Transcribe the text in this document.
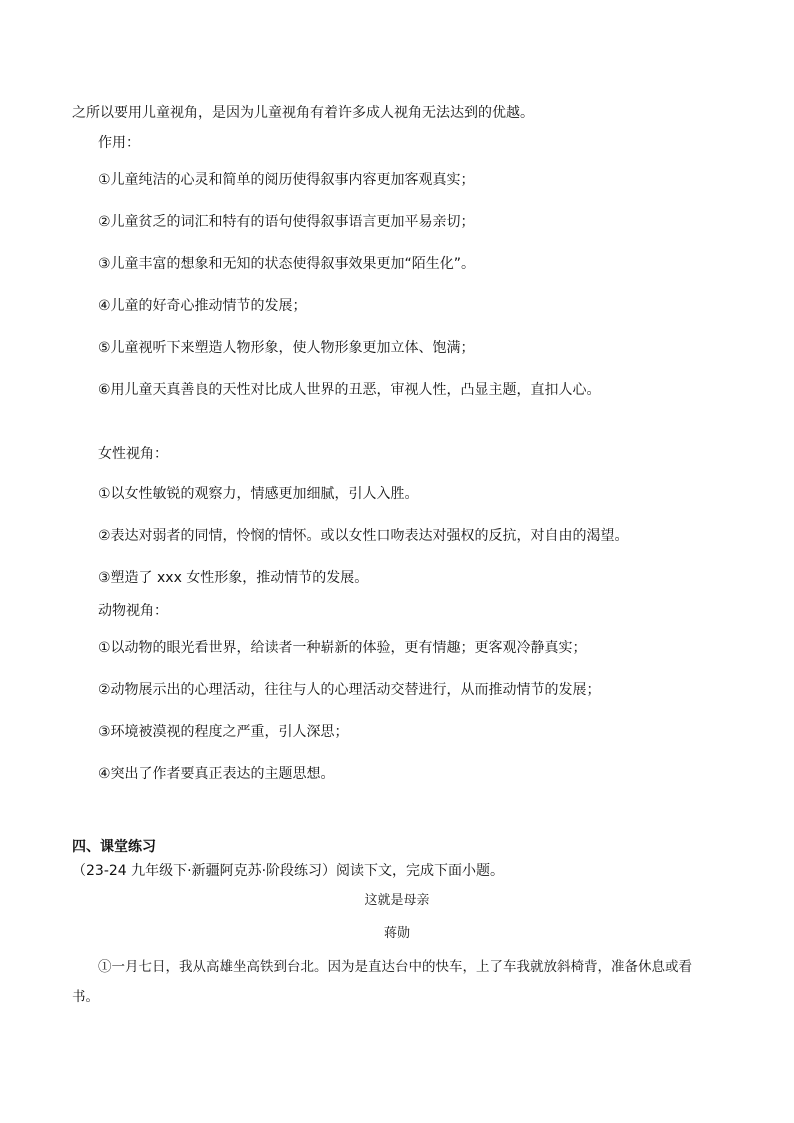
之所以要用儿童视角，是因为儿童视角有着许多成人视角无法达到的优越。
作用：
①儿童纯洁的心灵和简单的阅历使得叙事内容更加客观真实；
②儿童贫乏的词汇和特有的语句使得叙事语言更加平易亲切；
③儿童丰富的想象和无知的状态使得叙事效果更加“陌生化”。
④儿童的好奇心推动情节的发展；
⑤儿童视听下来塑造人物形象，使人物形象更加立体、饱满；
⑥用儿童天真善良的天性对比成人世界的丑恶，审视人性，凸显主题，直扣人心。
女性视角：
①以女性敏锐的观察力，情感更加细腻，引人入胜。
②表达对弱者的同情，怜悯的情怀。或以女性口吻表达对强权的反抗，对自由的渴望。
③塑造了 xxx 女性形象，推动情节的发展。
动物视角：
①以动物的眼光看世界，给读者一种崭新的体验，更有情趣；更客观冷静真实；
②动物展示出的心理活动，往往与人的心理活动交替进行，从而推动情节的发展；
③环境被漠视的程度之严重，引人深思；
④突出了作者要真正表达的主题思想。
四、课堂练习
（23-24 九年级下·新疆阿克苏·阶段练习）阅读下文，完成下面小题。
这就是母亲
蒋勋
①一月七日，我从高雄坐高铁到台北。因为是直达台中的快车，上了车我就放斜椅背，准备休息或看
书。
